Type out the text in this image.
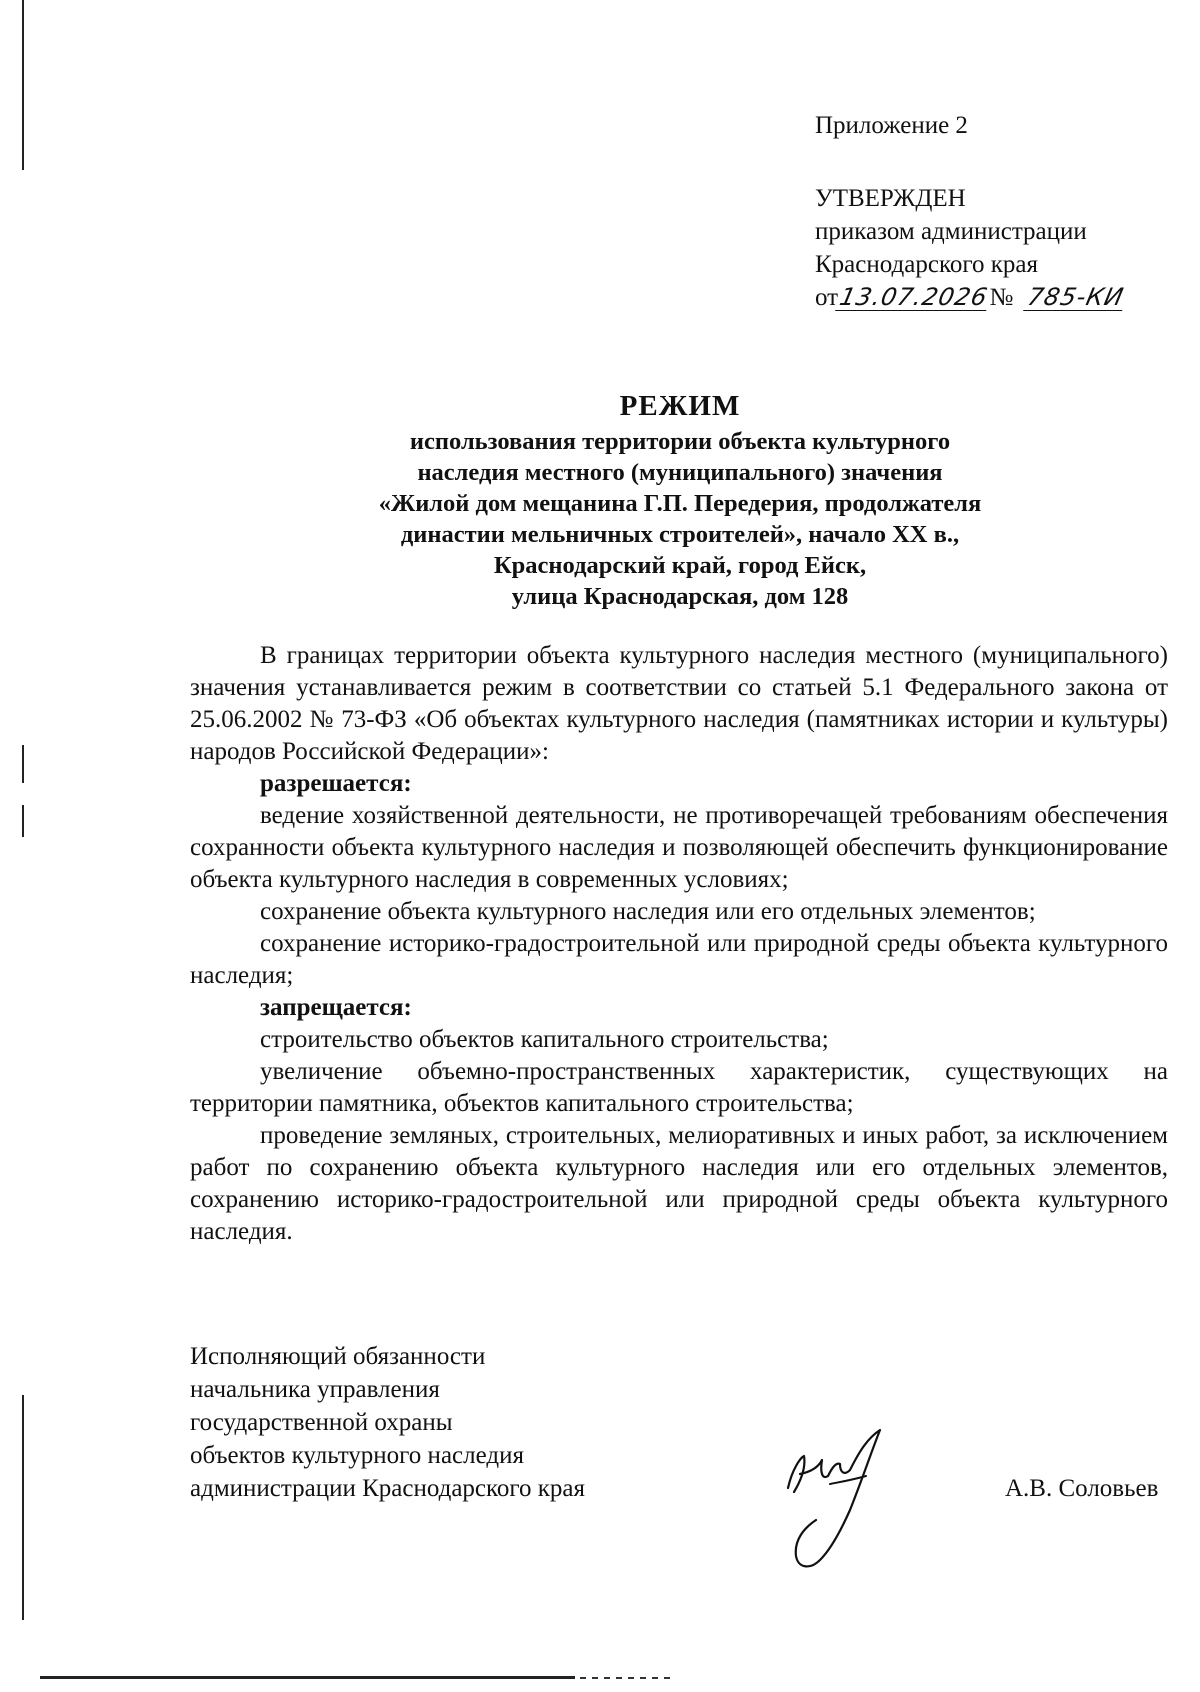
Приложение 2
УТВЕРЖДЕН
приказом администрации
Краснодарского края
от13.07.2026№ 785-КИ
РЕЖИМ
использования территории объекта культурного
наследия местного (муниципального) значения
«Жилой дом мещанина Г.П. Передерия, продолжателя
династии мельничных строителей», начало XX в.,
Краснодарский край, город Ейск,
улица Краснодарская, дом 128

В границах территории объекта культурного наследия местного (муниципального) значения устанавливается режим в соответствии со статьей 5.1 Федерального закона от 25.06.2002 № 73-ФЗ «Об объектах культурного наследия (памятниках истории и культуры) народов Российской Федерации»:

разрешается:

ведение хозяйственной деятельности, не противоречащей требованиям обеспечения сохранности объекта культурного наследия и позволяющей обеспечить функционирование объекта культурного наследия в современных условиях;

сохранение объекта культурного наследия или его отдельных элементов;

сохранение историко-градостроительной или природной среды объекта культурного наследия;

запрещается:

строительство объектов капитального строительства;

увеличение объемно-пространственных характеристик, существующих на территории памятника, объектов капитального строительства;

проведение земляных, строительных, мелиоративных и иных работ, за исключением работ по сохранению объекта культурного наследия или его отдельных элементов, сохранению историко-градостроительной или природной среды объекта культурного наследия.

Исполняющий обязанности
начальника управления
государственной охраны
объектов культурного наследия
администрации Краснодарского края	А.В. Соловьев
